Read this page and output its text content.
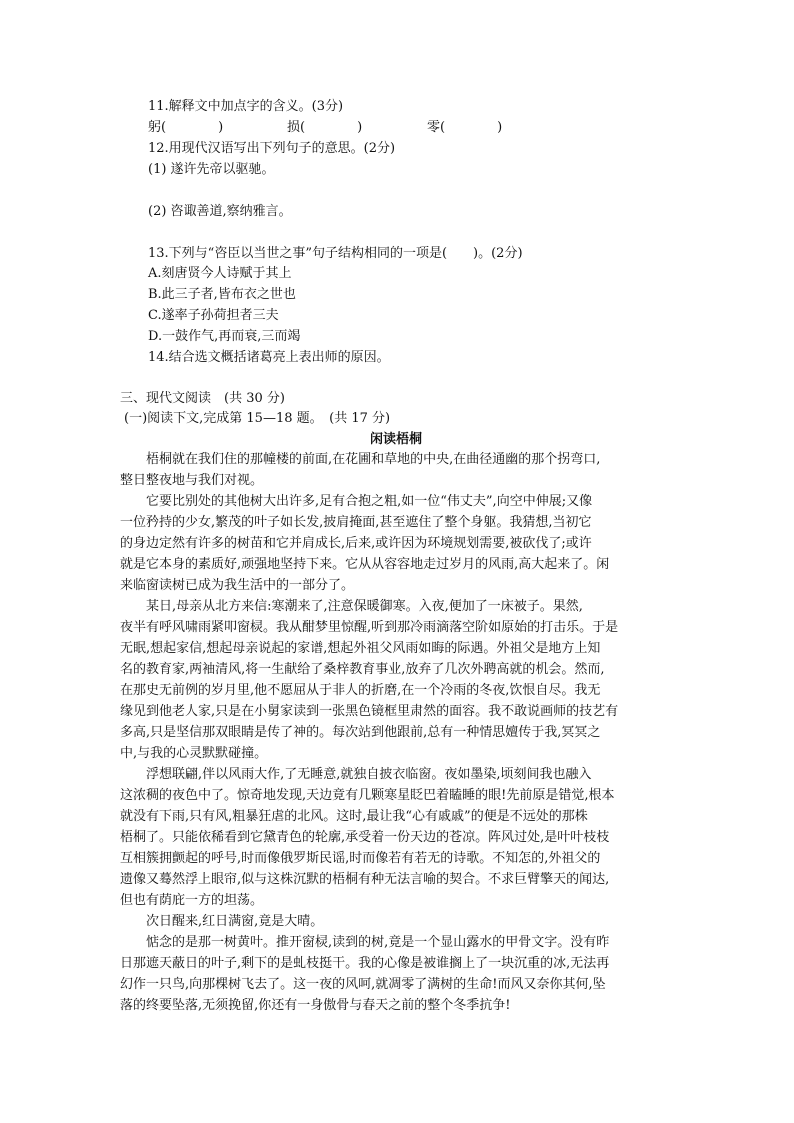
11.解释文中加点字的含义。(3分)
躬(　　　　)	损(　　　　)	零(　　　　)
12.用现代汉语写出下列句子的意思。(2分)
(1) 遂许先帝以驱驰。
(2) 咨诹善道,察纳雅言。
13.下列与“咨臣以当世之事”句子结构相同的一项是(　　)。(2分)
A.刻唐贤今人诗赋于其上
B.此三子者,皆布衣之世也
C.遂率子孙荷担者三夫
D.一鼓作气,再而衰,三而竭
14.结合选文概括诸葛亮上表出师的原因。
三、现代文阅读　(共 30 分)
(一)阅读下文,完成第 15—18 题。　(共 17 分)
闲读梧桐
　　梧桐就在我们住的那幢楼的前面,在花圃和草地的中央,在曲径通幽的那个拐弯口,
整日整夜地与我们对视。
　　它要比别处的其他树大出许多,足有合抱之粗,如一位“伟丈夫”,向空中伸展;又像
一位矜持的少女,繁茂的叶子如长发,披肩掩面,甚至遮住了整个身躯。我猜想,当初它
的身边定然有许多的树苗和它并肩成长,后来,或许因为环境规划需要,被砍伐了;或许
就是它本身的素质好,顽强地坚持下来。它从从容容地走过岁月的风雨,高大起来了。闲
来临窗读树已成为我生活中的一部分了。
　　某日,母亲从北方来信:寒潮来了,注意保暖御寒。入夜,便加了一床被子。果然,
夜半有呼风啸雨紧叩窗棂。我从酣梦里惊醒,听到那冷雨滴落空阶如原始的打击乐。于是
无眠,想起家信,想起母亲说起的家谱,想起外祖父风雨如晦的际遇。外祖父是地方上知
名的教育家,两袖清风,将一生献给了桑梓教育事业,放弃了几次外聘高就的机会。然而,
在那史无前例的岁月里,他不愿屈从于非人的折磨,在一个冷雨的冬夜,饮恨自尽。我无
缘见到他老人家,只是在小舅家读到一张黑色镜框里肃然的面容。我不敢说画师的技艺有
多高,只是坚信那双眼睛是传了神的。每次站到他跟前,总有一种情思嬗传于我,冥冥之
中,与我的心灵默默碰撞。
　　浮想联翩,伴以风雨大作,了无睡意,就独自披衣临窗。夜如墨染,顷刻间我也融入
这浓稠的夜色中了。惊奇地发现,天边竟有几颗寒星眨巴着瞌睡的眼!先前原是错觉,根本
就没有下雨,只有风,粗暴狂虐的北风。这时,最让我“心有戚戚”的便是不远处的那株
梧桐了。只能依稀看到它黛青色的轮廓,承受着一份天边的苍凉。阵风过处,是叶叶枝枝
互相簇拥颤起的呼号,时而像俄罗斯民谣,时而像若有若无的诗歌。不知怎的,外祖父的
遗像又蓦然浮上眼帘,似与这株沉默的梧桐有种无法言喻的契合。不求巨臂擎天的闻达,
但也有荫庇一方的坦荡。
　　次日醒来,红日满窗,竟是大晴。
　　惦念的是那一树黄叶。推开窗棂,读到的树,竟是一个显山露水的甲骨文字。没有昨
日那遮天蔽日的叶子,剩下的是虬枝挺干。我的心像是被谁搁上了一块沉重的冰,无法再
幻作一只鸟,向那棵树飞去了。这一夜的风呵,就凋零了满树的生命!而风又奈你其何,坠
落的终要坠落,无须挽留,你还有一身傲骨与春天之前的整个冬季抗争!
